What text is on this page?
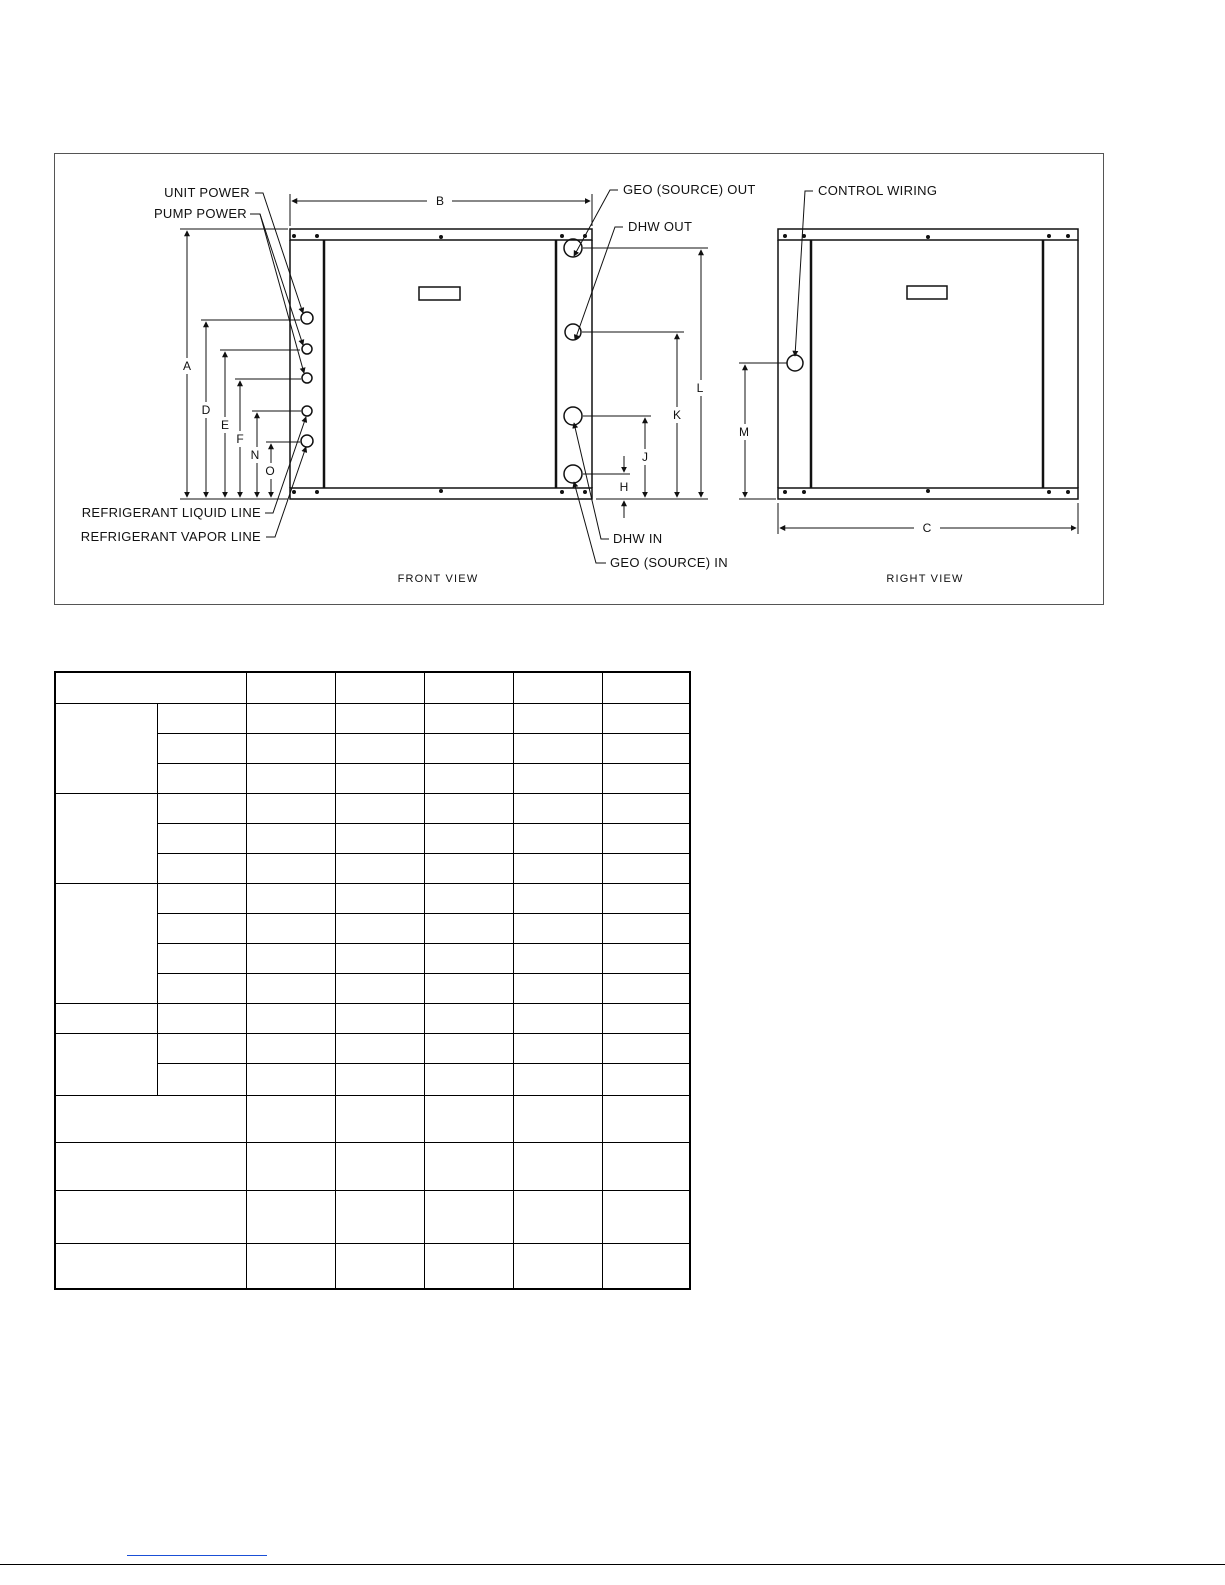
UNIT POWER
PUMP POWER
REFRIGERANT LIQUID LINE
REFRIGERANT VAPOR LINE
GEO (SOURCE) OUT
DHW OUT
DHW IN
GEO (SOURCE) IN
CONTROL WIRING
B
A
D
E
F
N
O
L
K
J
H
M
C
FRONT VIEW	RIGHT VIEW
